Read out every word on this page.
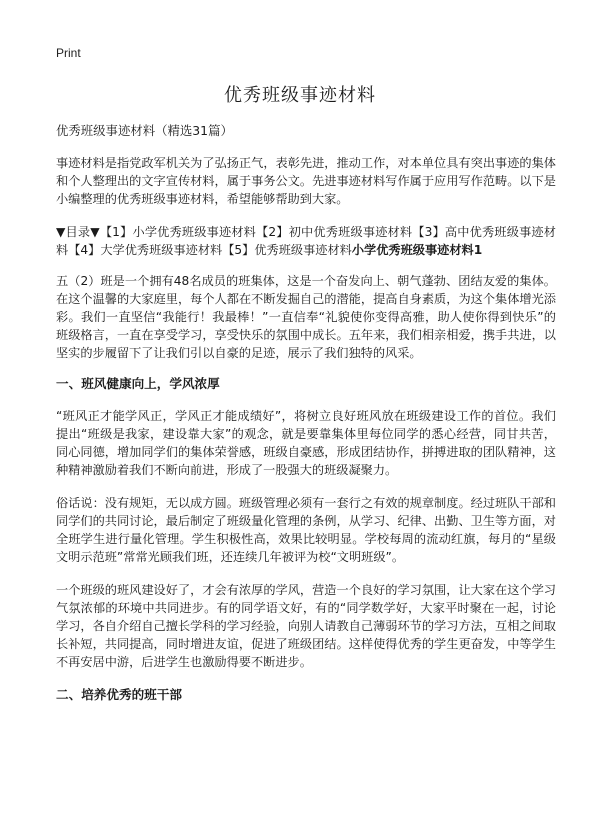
Print
优秀班级事迹材料

优秀班级事迹材料（精选31篇）

事迹材料是指党政军机关为了弘扬正气，表彰先进，推动工作，对本单位具有突出事迹的集体和个人整理出的文字宣传材料，属于事务公文。先进事迹材料写作属于应用写作范畴。以下是小编整理的优秀班级事迹材料，希望能够帮助到大家。

▼目录▼【1】小学优秀班级事迹材料【2】初中优秀班级事迹材料【3】高中优秀班级事迹材料【4】大学优秀班级事迹材料【5】优秀班级事迹材料小学优秀班级事迹材料1

五（2）班是一个拥有48名成员的班集体，这是一个奋发向上、朝气蓬勃、团结友爱的集体。在这个温馨的大家庭里，每个人都在不断发掘自己的潜能，提高自身素质，为这个集体增光添彩。我们一直坚信“我能行！我最棒！”一直信奉“礼貌使你变得高雅，助人使你得到快乐”的班级格言，一直在享受学习，享受快乐的氛围中成长。五年来，我们相亲相爱，携手共进，以坚实的步履留下了让我们引以自豪的足迹，展示了我们独特的风采。

一、班风健康向上，学风浓厚

“班风正才能学风正，学风正才能成绩好”，将树立良好班风放在班级建设工作的首位。我们提出“班级是我家，建设靠大家”的观念，就是要靠集体里每位同学的悉心经营，同甘共苦，同心同德，增加同学们的集体荣誉感，班级自豪感，形成团结协作，拼搏进取的团队精神，这种精神激励着我们不断向前进，形成了一股强大的班级凝聚力。

俗话说：没有规矩，无以成方圆。班级管理必须有一套行之有效的规章制度。经过班队干部和同学们的共同讨论，最后制定了班级量化管理的条例，从学习、纪律、出勤、卫生等方面，对全班学生进行量化管理。学生积极性高，效果比较明显。学校每周的流动红旗，每月的“星级文明示范班”常常光顾我们班，还连续几年被评为校“文明班级”。

一个班级的班风建设好了，才会有浓厚的学风，营造一个良好的学习氛围，让大家在这个学习气氛浓郁的环境中共同进步。有的同学语文好，有的“同学数学好，大家平时聚在一起，讨论学习，各自介绍自己擅长学科的学习经验，向别人请教自己薄弱环节的学习方法，互相之间取长补短，共同提高，同时增进友谊，促进了班级团结。这样使得优秀的学生更奋发，中等学生不再安居中游，后进学生也激励得要不断进步。

二、培养优秀的班干部
